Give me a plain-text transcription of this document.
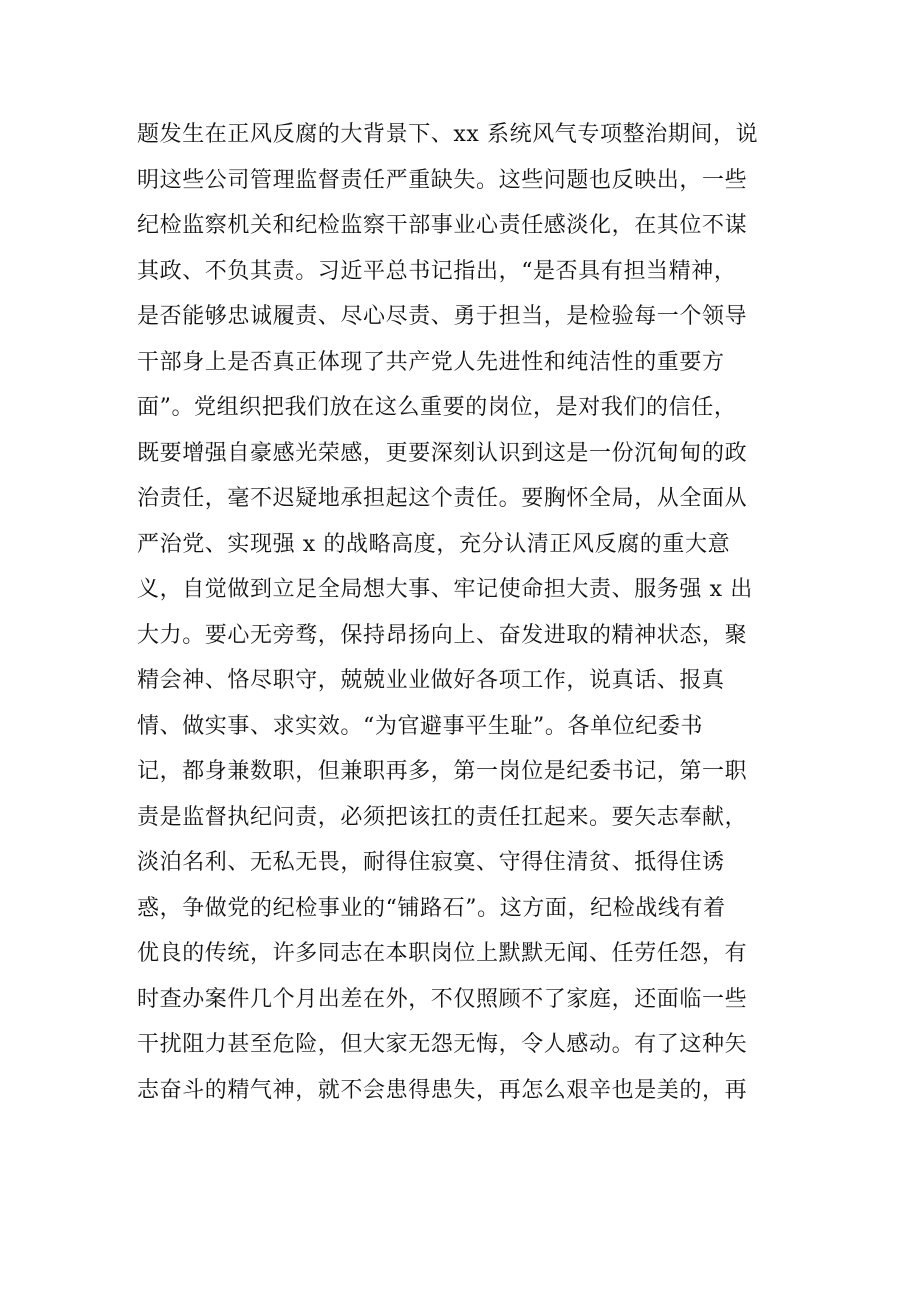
题发生在正风反腐的大背景下、xx 系统风气专项整治期间，说
明这些公司管理监督责任严重缺失。这些问题也反映出，一些
纪检监察机关和纪检监察干部事业心责任感淡化，在其位不谋
其政、不负其责。习近平总书记指出，“是否具有担当精神，
是否能够忠诚履责、尽心尽责、勇于担当，是检验每一个领导
干部身上是否真正体现了共产党人先进性和纯洁性的重要方
面”。党组织把我们放在这么重要的岗位，是对我们的信任，
既要增强自豪感光荣感，更要深刻认识到这是一份沉甸甸的政
治责任，毫不迟疑地承担起这个责任。要胸怀全局，从全面从
严治党、实现强 x 的战略高度，充分认清正风反腐的重大意
义，自觉做到立足全局想大事、牢记使命担大责、服务强 x 出
大力。要心无旁骛，保持昂扬向上、奋发进取的精神状态，聚
精会神、恪尽职守，兢兢业业做好各项工作，说真话、报真
情、做实事、求实效。“为官避事平生耻”。各单位纪委书
记，都身兼数职，但兼职再多，第一岗位是纪委书记，第一职
责是监督执纪问责，必须把该扛的责任扛起来。要矢志奉献，
淡泊名利、无私无畏，耐得住寂寞、守得住清贫、抵得住诱
惑，争做党的纪检事业的“铺路石”。这方面，纪检战线有着
优良的传统，许多同志在本职岗位上默默无闻、任劳任怨，有
时查办案件几个月出差在外，不仅照顾不了家庭，还面临一些
干扰阻力甚至危险，但大家无怨无悔，令人感动。有了这种矢
志奋斗的精气神，就不会患得患失，再怎么艰辛也是美的，再
